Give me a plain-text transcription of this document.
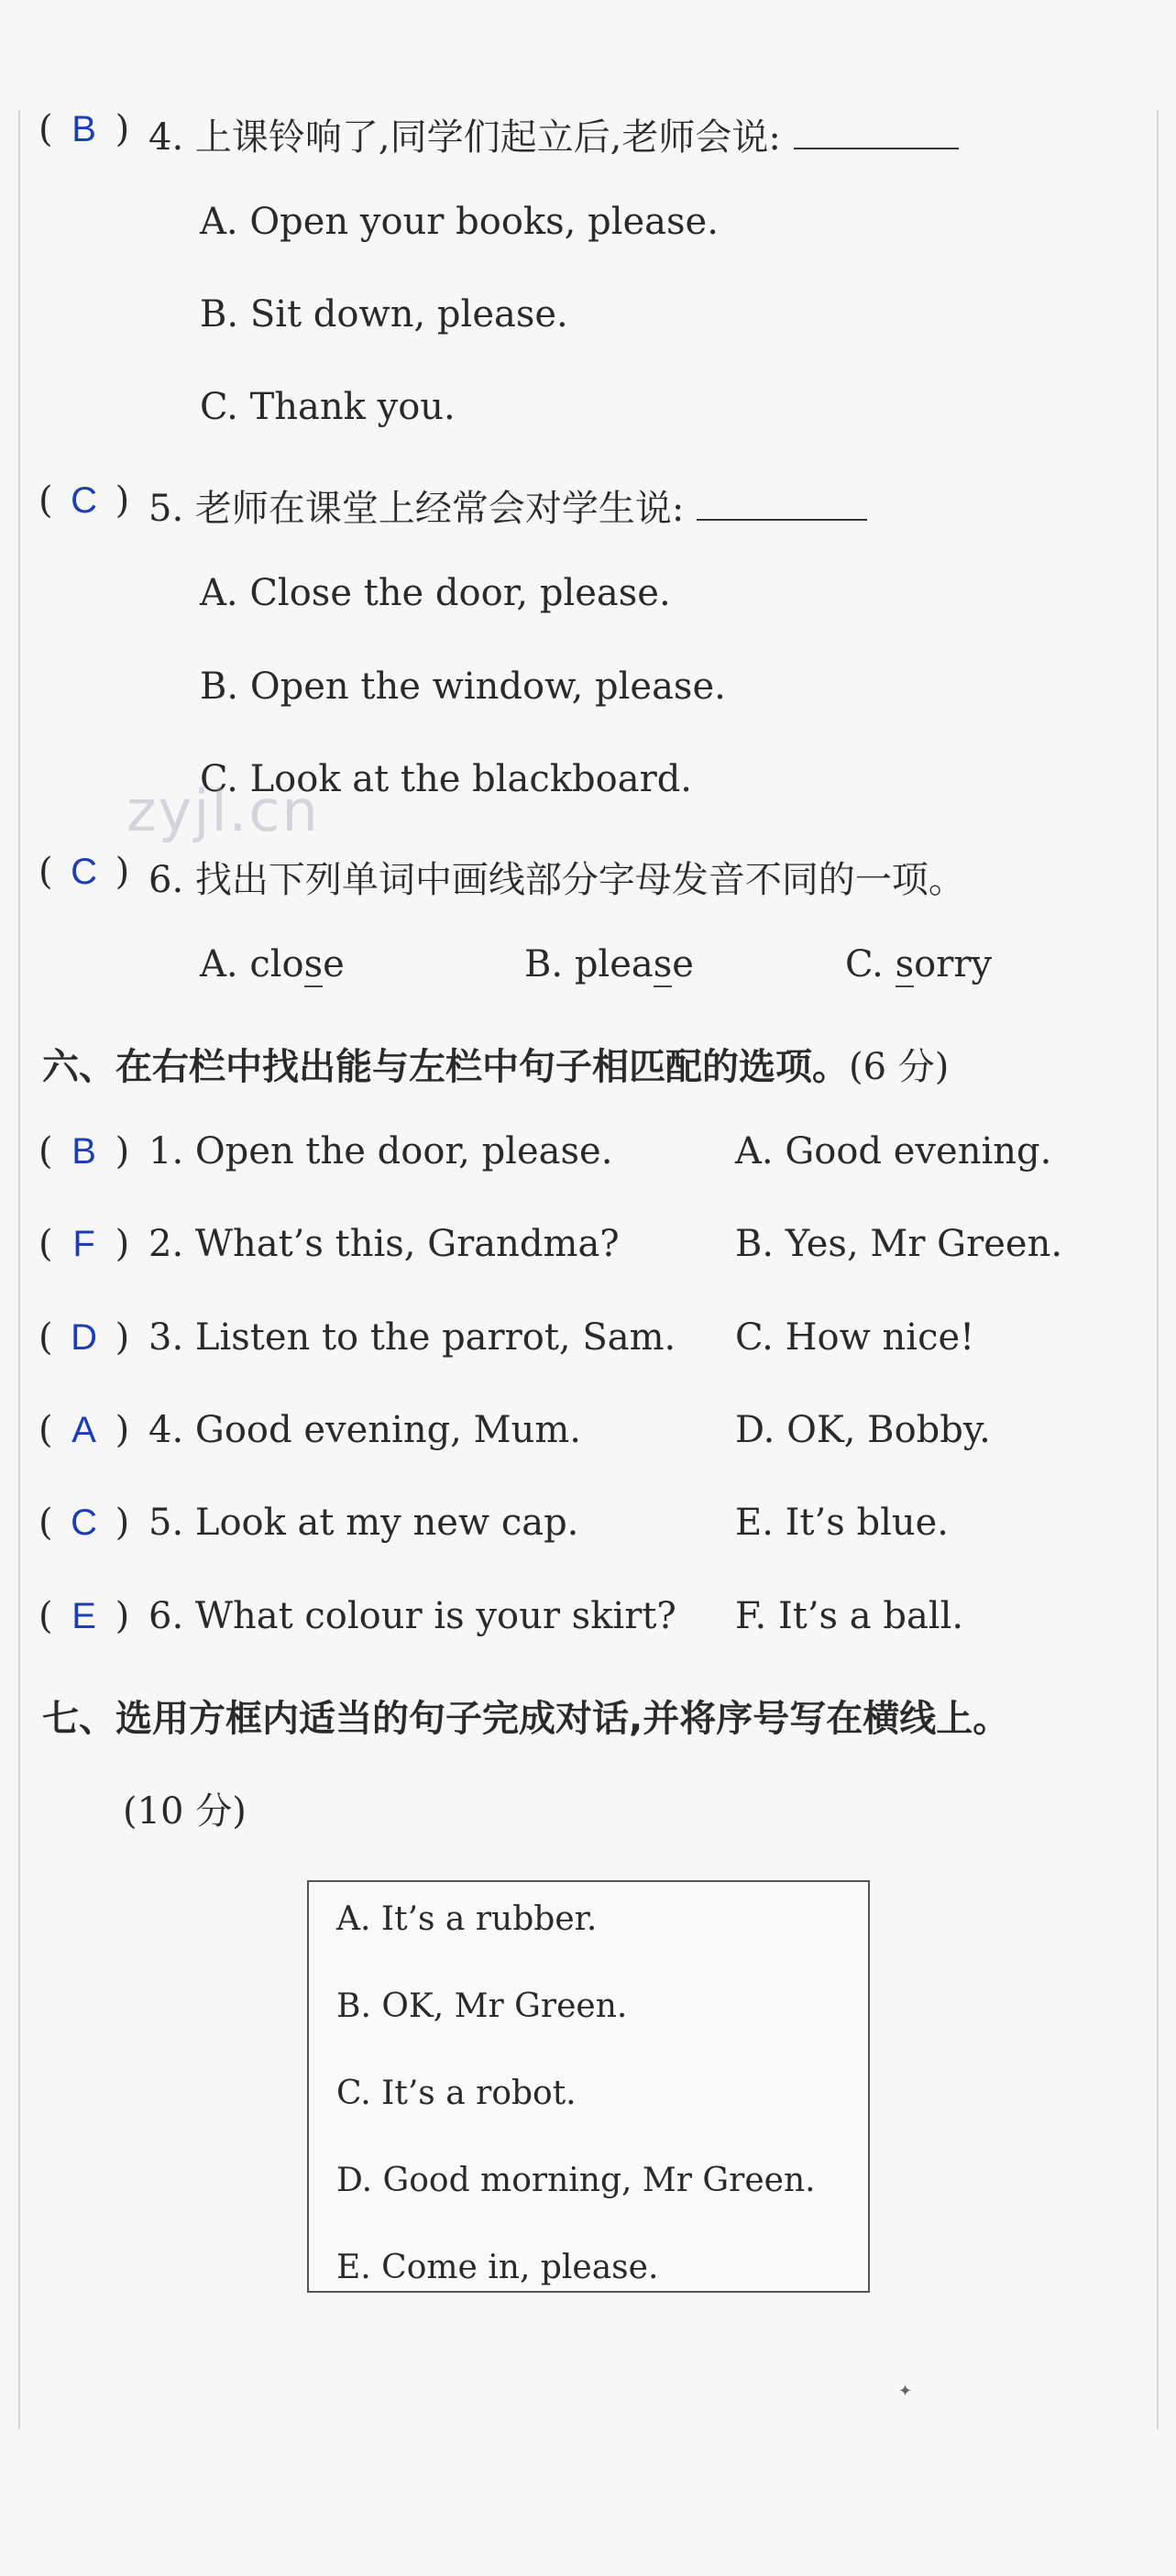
( B ) 4. 上课铃响了,同学们起立后,老师会说:
A. Open your books, please.
B. Sit down, please.
C. Thank you.
( C ) 5. 老师在课堂上经常会对学生说:
A. Close the door, please.
B. Open the window, please.
C. Look at the blackboard.
zyjl.cn
( C ) 6. 找出下列单词中画线部分字母发音不同的一项。
A. close	B. please	C. sorry
六、在右栏中找出能与左栏中句子相匹配的选项。(6 分)
( B ) 1. Open the door, please.	A. Good evening.
( F ) 2. What’s this, Grandma?	B. Yes, Mr Green.
( D ) 3. Listen to the parrot, Sam. C. How nice!
( A ) 4. Good evening, Mum.	D. OK, Bobby.
( C ) 5. Look at my new cap.	E. It’s blue.
( E ) 6. What colour is your skirt? F. It’s a ball.
七、选用方框内适当的句子完成对话,并将序号写在横线上。
(10 分)
A. It’s a rubber.
B. OK, Mr Green.
C. It’s a robot.
D. Good morning, Mr Green.
E. Come in, please.
✦
